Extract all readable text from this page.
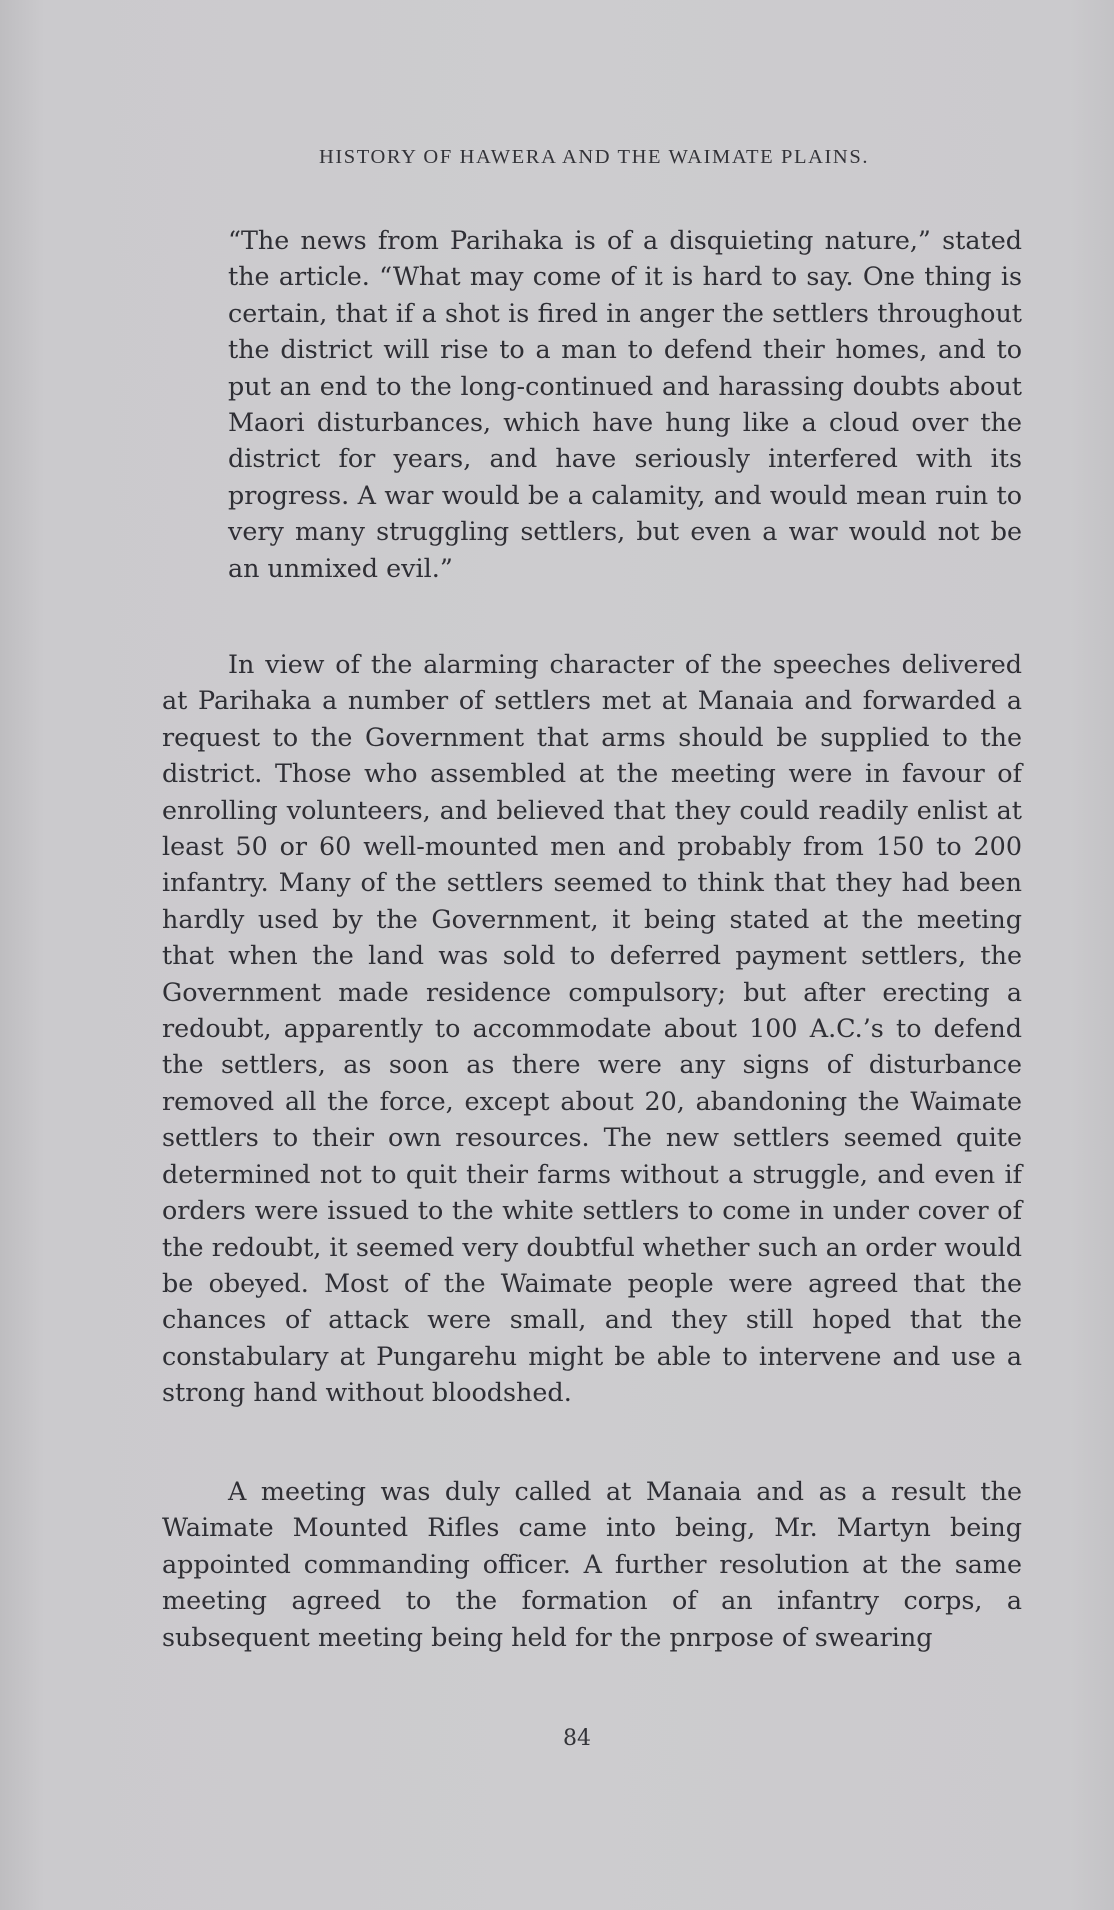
HISTORY OF HAWERA AND THE WAIMATE PLAINS.

“The news from Parihaka is of a disquieting nature,” stated the article. “What may come of it is hard to say. One thing is certain, that if a shot is fired in anger the settlers throughout the district will rise to a man to defend their homes, and to put an end to the long-continued and harassing doubts about Maori disturbances, which have hung like a cloud over the district for years, and have seriously interfered with its progress. A war would be a calamity, and would mean ruin to very many struggling settlers, but even a war would not be an unmixed evil.”

In view of the alarming character of the speeches delivered at Parihaka a number of settlers met at Manaia and forwarded a request to the Government that arms should be supplied to the district. Those who assembled at the meeting were in favour of enrolling volunteers, and believed that they could readily enlist at least 50 or 60 well-mounted men and probably from 150 to 200 infantry. Many of the settlers seemed to think that they had been hardly used by the Government, it being stated at the meeting that when the land was sold to deferred payment settlers, the Government made residence compulsory; but after erecting a redoubt, apparently to accommodate about 100 A.C.’s to defend the settlers, as soon as there were any signs of disturbance removed all the force, except about 20, abandoning the Waimate settlers to their own resources. The new settlers seemed quite determined not to quit their farms without a struggle, and even if orders were issued to the white settlers to come in under cover of the redoubt, it seemed very doubtful whether such an order would be obeyed. Most of the Waimate people were agreed that the chances of attack were small, and they still hoped that the constabulary at Pungarehu might be able to intervene and use a strong hand without bloodshed.

A meeting was duly called at Manaia and as a result the Waimate Mounted Rifles came into being, Mr. Martyn being appointed commanding officer. A further resolution at the same meeting agreed to the formation of an infantry corps, a subsequent meeting being held for the pnrpose of swearing

84
